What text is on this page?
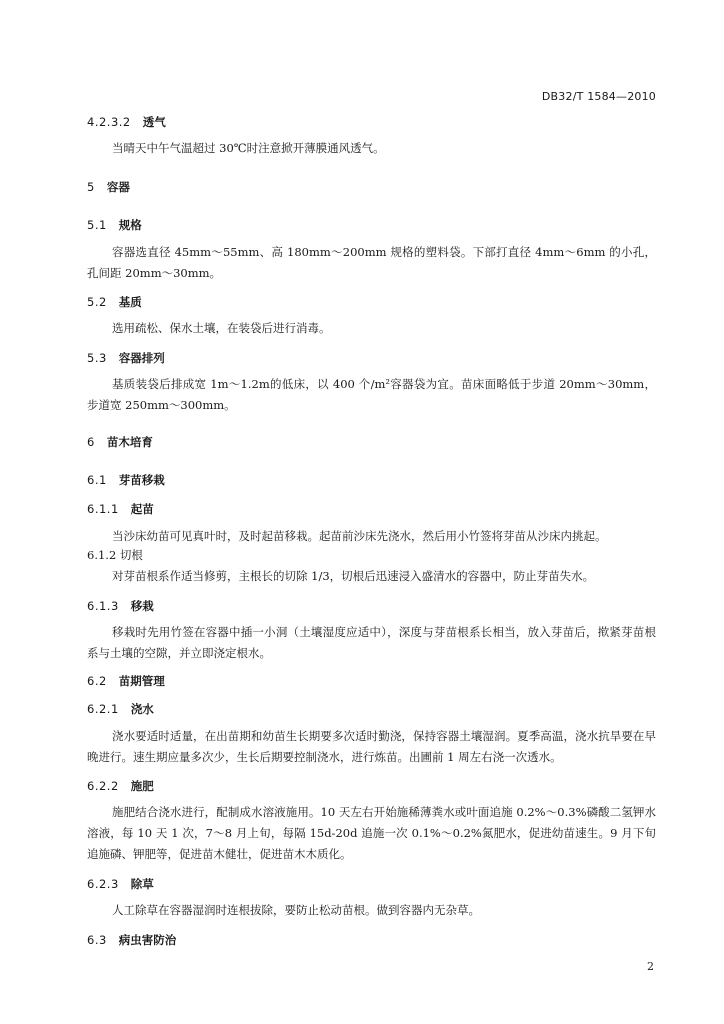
DB32/T 1584—2010
4.2.3.2 透气
当晴天中午气温超过 30℃时注意掀开薄膜通风透气。
5 容器
5.1 规格
容器选直径 45mm～55mm、高 180mm～200mm 规格的塑料袋。下部打直径 4mm～6mm 的小孔，孔间距 20mm～30mm。
5.2 基质
选用疏松、保水土壤，在装袋后进行消毒。
5.3 容器排列
基质装袋后排成宽 1m～1.2m的低床，以 400 个/m²容器袋为宜。苗床面略低于步道 20mm～30mm，步道宽 250mm～300mm。
6 苗木培育
6.1 芽苗移栽
6.1.1 起苗
当沙床幼苗可见真叶时，及时起苗移栽。起苗前沙床先浇水，然后用小竹签将芽苗从沙床内挑起。
6.1.2 切根
对芽苗根系作适当修剪，主根长的切除 1/3，切根后迅速浸入盛清水的容器中，防止芽苗失水。
6.1.3 移栽
移栽时先用竹签在容器中插一小洞（土壤湿度应适中），深度与芽苗根系长相当，放入芽苗后，揿紧芽苗根系与土壤的空隙，并立即浇定根水。
6.2 苗期管理
6.2.1 浇水
浇水要适时适量，在出苗期和幼苗生长期要多次适时勤浇，保持容器土壤湿润。夏季高温，浇水抗旱要在早晚进行。速生期应量多次少，生长后期要控制浇水，进行炼苗。出圃前 1 周左右浇一次透水。
6.2.2 施肥
施肥结合浇水进行，配制成水溶液施用。10 天左右开始施稀薄粪水或叶面追施 0.2%～0.3%磷酸二氢钾水溶液，每 10 天 1 次，7～8 月上旬，每隔 15d-20d 追施一次 0.1%～0.2%氮肥水，促进幼苗速生。9 月下旬追施磷、钾肥等，促进苗木健壮，促进苗木木质化。
6.2.3 除草
人工除草在容器湿润时连根拔除，要防止松动苗根。做到容器内无杂草。
6.3 病虫害防治
2
